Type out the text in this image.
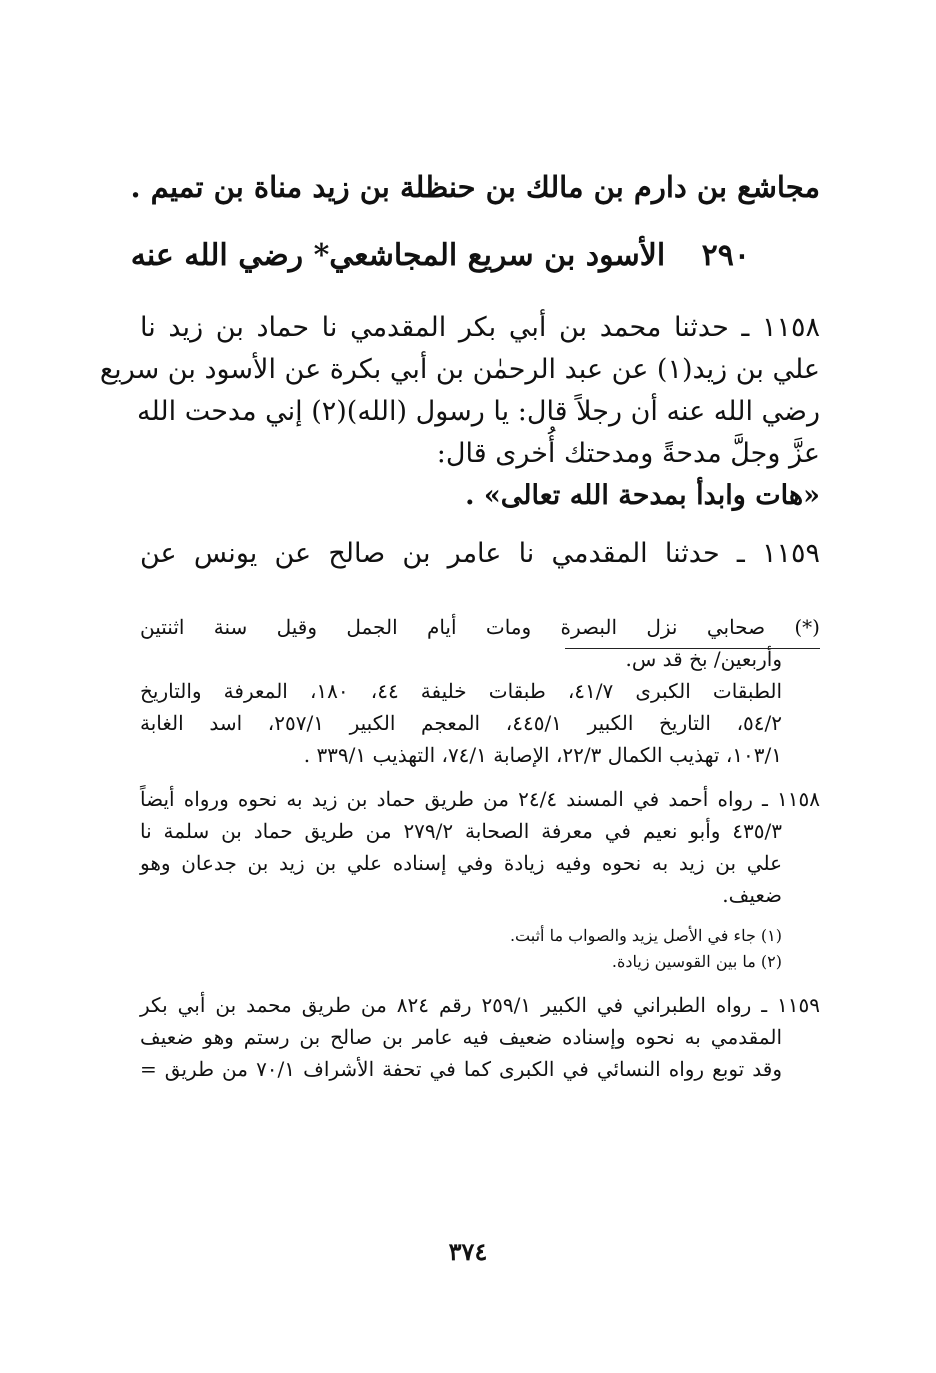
مجاشع بن دارم بن مالك بن حنظلة بن زيد مناة بن تميم .
٢٩٠ الأسود بن سريع المجاشعي* رضي الله عنه
١١٥٨ ـ حدثنا محمد بن أبي بكر المقدمي نا حماد بن زيد نا
علي بن زيد(١) عن عبد الرحمٰن بن أبي بكرة عن الأسود بن سريع
رضي الله عنه أن رجلاً قال: يا رسول (الله)(٢) إني مدحت الله
عزَّ وجلَّ مدحةً ومدحتك أُخرى قال:
«هات وابدأ بمدحة الله تعالى» .
١١٥٩ ـ حدثنا المقدمي نا عامر بن صالح عن يونس عن
(*) صحابي نزل البصرة ومات أيام الجمل وقيل سنة اثنتين
وأربعين/ بخ قد س.
الطبقات الكبرى ٤١/٧، طبقات خليفة ٤٤، ١٨٠، المعرفة والتاريخ
٥٤/٢، التاريخ الكبير ٤٤٥/١، المعجم الكبير ٢٥٧/١، اسد الغابة
١٠٣/١، تهذيب الكمال ٢٢/٣، الإصابة ٧٤/١، التهذيب ٣٣٩/١ .
١١٥٨ ـ رواه أحمد في المسند ٢٤/٤ من طريق حماد بن زيد به نحوه ورواه أيضاً
٤٣٥/٣ وأبو نعيم في معرفة الصحابة ٢٧٩/٢ من طريق حماد بن سلمة نا
علي بن زيد به نحوه وفيه زيادة وفي إسناده علي بن زيد بن جدعان وهو
ضعيف.
(١) جاء في الأصل يزيد والصواب ما أثبت.
(٢) ما بين القوسين زيادة.
١١٥٩ ـ رواه الطبراني في الكبير ٢٥٩/١ رقم ٨٢٤ من طريق محمد بن أبي بكر
المقدمي به نحوه وإسناده ضعيف فيه عامر بن صالح بن رستم وهو ضعيف
وقد توبع رواه النسائي في الكبرى كما في تحفة الأشراف ٧٠/١ من طريق =
٣٧٤
